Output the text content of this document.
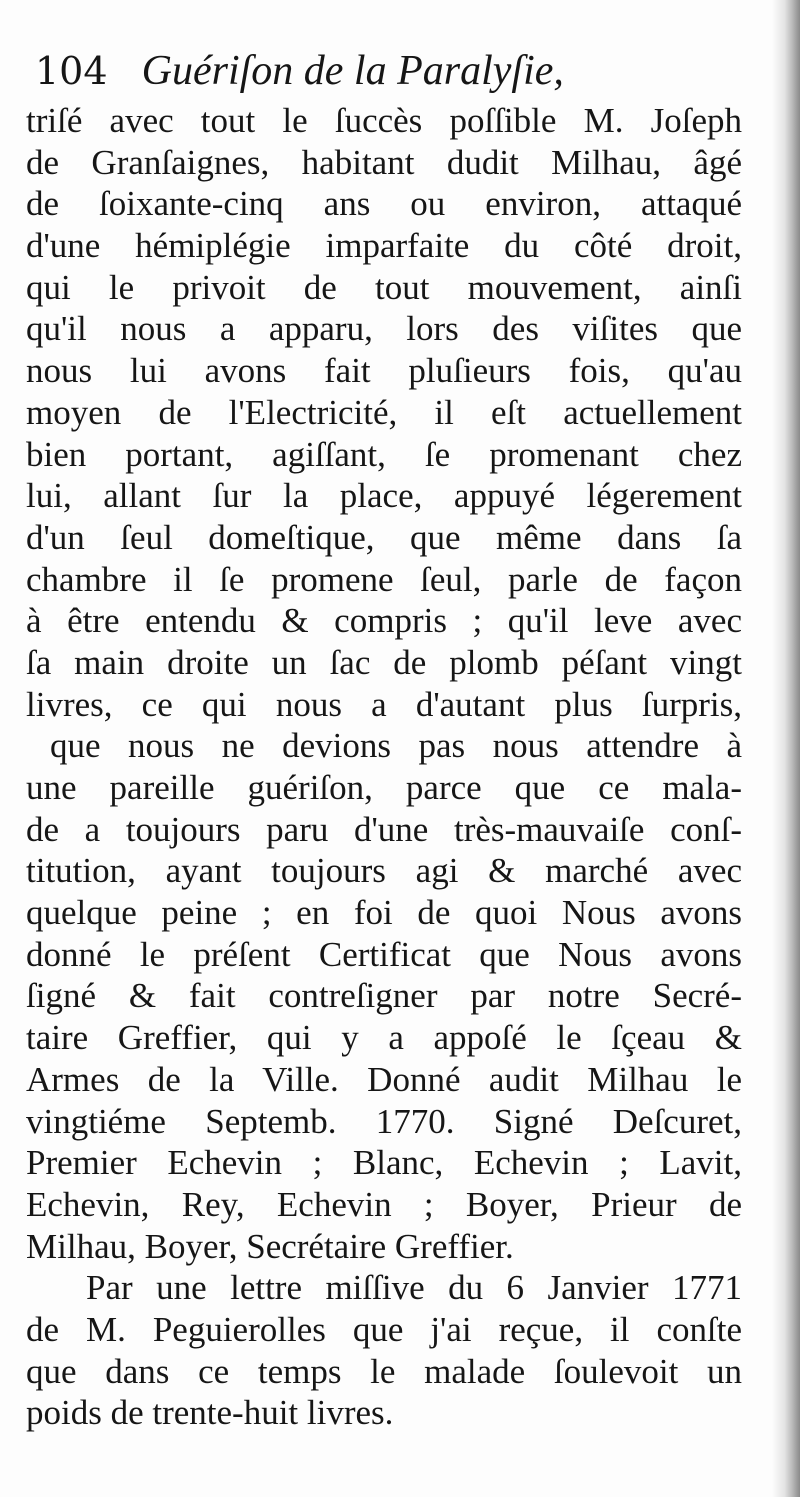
104 Guériſon de la Paralyſie,
triſé avec tout le ſuccès poſſible M. Joſeph
de Granſaignes, habitant dudit Milhau, âgé
de ſoixante-cinq ans ou environ, attaqué
d'une hémiplégie imparfaite du côté droit,
qui le privoit de tout mouvement, ainſi
qu'il nous a apparu, lors des viſites que
nous lui avons fait pluſieurs fois, qu'au
moyen de l'Electricité, il eſt actuellement
bien portant, agiſſant, ſe promenant chez
lui, allant ſur la place, appuyé légerement
d'un ſeul domeſtique, que même dans ſa
chambre il ſe promene ſeul, parle de façon
à être entendu & compris ; qu'il leve avec
ſa main droite un ſac de plomb péſant vingt
livres, ce qui nous a d'autant plus ſurpris,
que nous ne devions pas nous attendre à
une pareille guériſon, parce que ce mala-
de a toujours paru d'une très-mauvaiſe conſ-
titution, ayant toujours agi & marché avec
quelque peine ; en foi de quoi Nous avons
donné le préſent Certificat que Nous avons
ſigné & fait contreſigner par notre Secré-
taire Greffier, qui y a appoſé le ſçeau &
Armes de la Ville. Donné audit Milhau le
vingtiéme Septemb. 1770. Signé Deſcuret,
Premier Echevin ; Blanc, Echevin ; Lavit,
Echevin, Rey, Echevin ; Boyer, Prieur de
Milhau, Boyer, Secrétaire Greffier.
Par une lettre miſſive du 6 Janvier 1771
de M. Peguierolles que j'ai reçue, il conſte
que dans ce temps le malade ſoulevoit un
poids de trente-huit livres.
